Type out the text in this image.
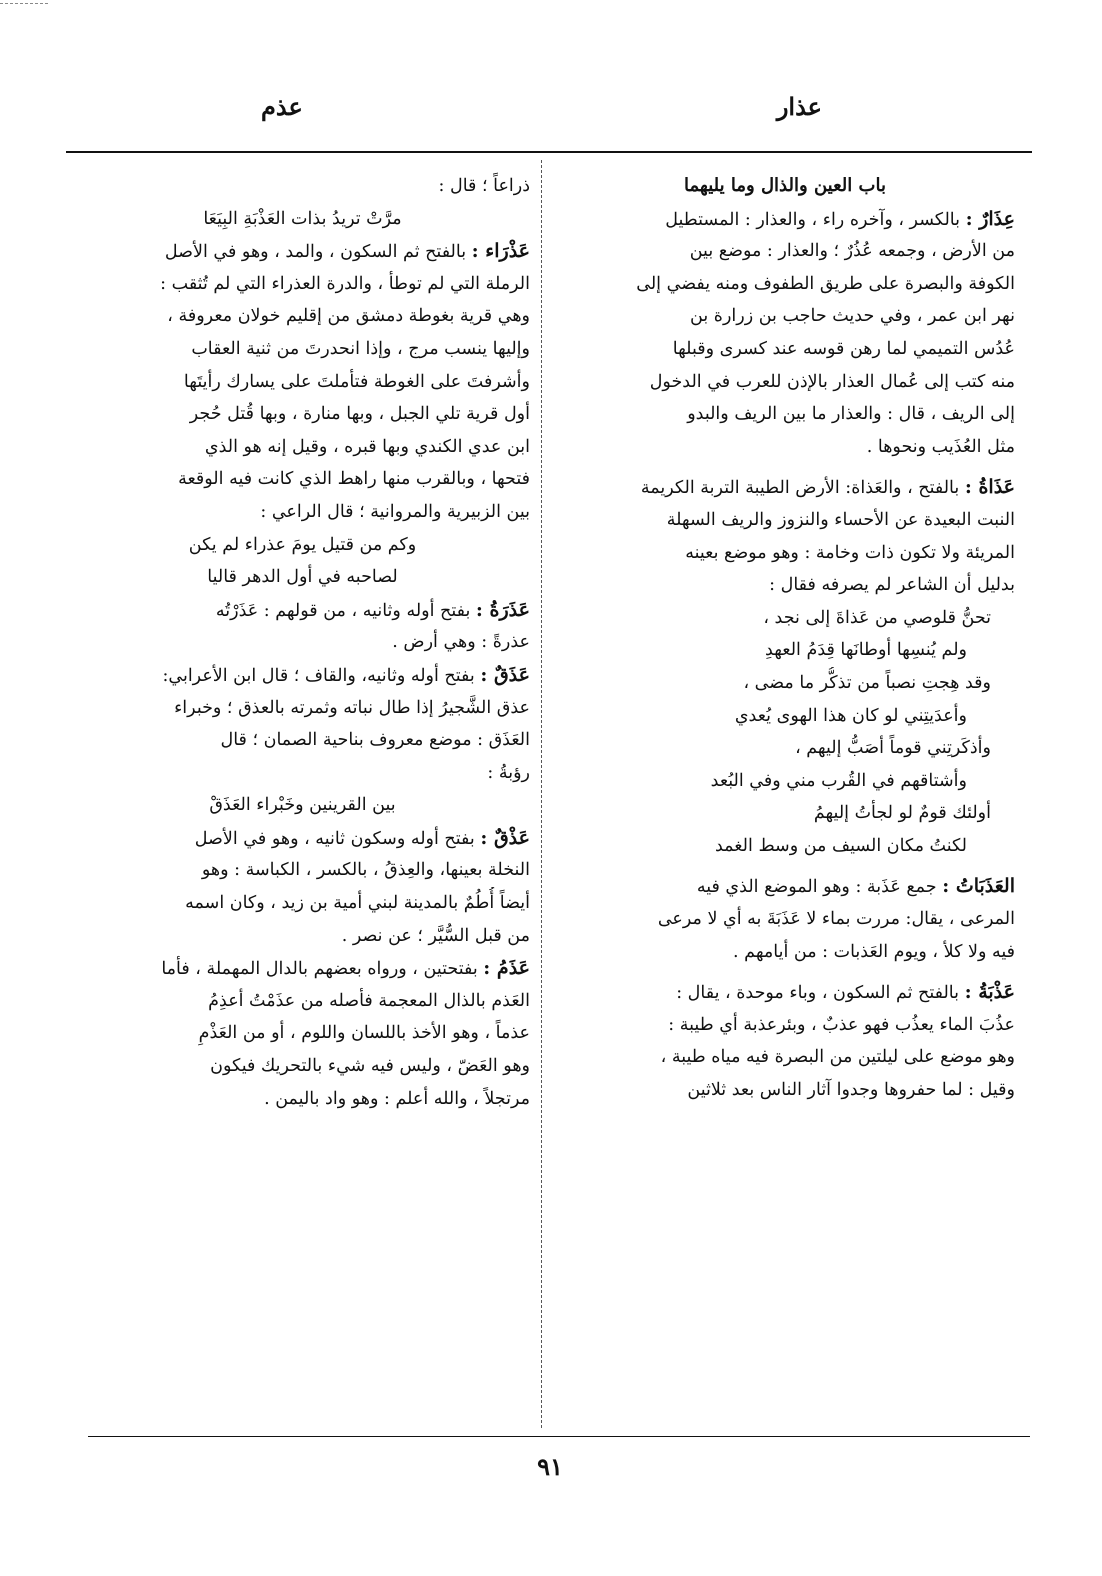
عذم	عذار
باب العين والذال وما يليهما
عِذَارٌ : بالكسر ، وآخره راء ، والعذار : المستطيل
من الأرض ، وجمعه عُذُرٌ ؛ والعذار : موضع بين
الكوفة والبصرة على طريق الطفوف ومنه يفضي إلى
نهر ابن عمر ، وفي حديث حاجب بن زرارة بن
عُدُس التميمي لما رهن قوسه عند كسرى وقبلها
منه كتب إلى عُمال العذار بالإذن للعرب في الدخول
إلى الريف ، قال : والعذار ما بين الريف والبدو
مثل العُذَيب ونحوها .
عَذَاةُ : بالفتح ، والعَذاة: الأرض الطيبة التربة الكريمة
النبت البعيدة عن الأحساء والنزوز والريف السهلة
المريئة ولا تكون ذات وخامة : وهو موضع بعينه
بدليل أن الشاعر لم يصرفه فقال :
تحنُّ قلوصي من عَذاةَ إلى نجد ،
ولم يُنسِها أوطانَها قِدَمُ العهدِ
وقد هِجتِ نصباً من تذكُّر ما مضى ،
وأعدَيتِني لو كان هذا الهوى يُعدي
وأذكَرتِني قوماً أصَبُّ إليهم ،
وأشتاقهم في القُرب مني وفي البُعد
أولئك قومٌ لو لجأتُ إليهمُ
لكنتُ مكان السيف من وسط الغمد
العَذَبَاتُ : جمع عَذَبة : وهو الموضع الذي فيه
المرعى ، يقال: مررت بماء لا عَذَبَةَ به أي لا مرعى
فيه ولا كلأ ، ويوم العَذبات : من أيامهم .
عَذْبَةُ : بالفتح ثم السكون ، وباء موحدة ، يقال :
عذُبَ الماء يعذُب فهو عذبٌ ، وبئرعذبة أي طيبة :
وهو موضع على ليلتين من البصرة فيه مياه طيبة ،
وقيل : لما حفروها وجدوا آثار الناس بعد ثلاثين
ذراعاً ؛ قال :
مرَّتْ تريدُ بذات العَذْبَةِ البِيَعَا
عَذْرَاء : بالفتح ثم السكون ، والمد ، وهو في الأصل
الرملة التي لم توطأ ، والدرة العذراء التي لم تُثقب :
وهي قرية بغوطة دمشق من إقليم خولان معروفة ،
وإليها ينسب مرج ، وإذا انحدرتَ من ثنية العقاب
وأشرفتَ على الغوطة فتأملتَ على يسارك رأيتَها
أول قرية تلي الجبل ، وبها منارة ، وبها قُتل حُجر
ابن عدي الكندي وبها قبره ، وقيل إنه هو الذي
فتحها ، وبالقرب منها راهط الذي كانت فيه الوقعة
بين الزبيرية والمروانية ؛ قال الراعي :
وكم من قتيل يومَ عذراء لم يكن
لصاحبه في أول الدهر قاليا
عَذَرَةُ : بفتح أوله وثانيه ، من قولهم : عَذَرْتُه
عذرةً : وهي أرض .
عَذَقٌ : بفتح أوله وثانيه، والقاف ؛ قال ابن الأعرابي:
عذق الشَّجيرُ إذا طال نباته وثمرته بالعذق ؛ وخبراء
العَذَق : موضع معروف بناحية الصمان ؛ قال
رؤبةُ :
بين القرينين وخَبْراء العَذَقْ
عَذْقٌ : بفتح أوله وسكون ثانيه ، وهو في الأصل
النخلة بعينها، والعِذقُ ، بالكسر ، الكباسة : وهو
أيضاً أُطُمٌ بالمدينة لبني أمية بن زيد ، وكان اسمه
من قبل السُّيَّر ؛ عن نصر .
عَذَمُ : بفتحتين ، ورواه بعضهم بالدال المهملة ، فأما
العَذم بالذال المعجمة فأصله من عذَمْتُ أعذِمُ
عذماً ، وهو الأخذ باللسان واللوم ، أو من العَذْمِ
وهو العَضّ ، وليس فيه شيء بالتحريك فيكون
مرتجلاً ، والله أعلم : وهو واد باليمن .
٩١
